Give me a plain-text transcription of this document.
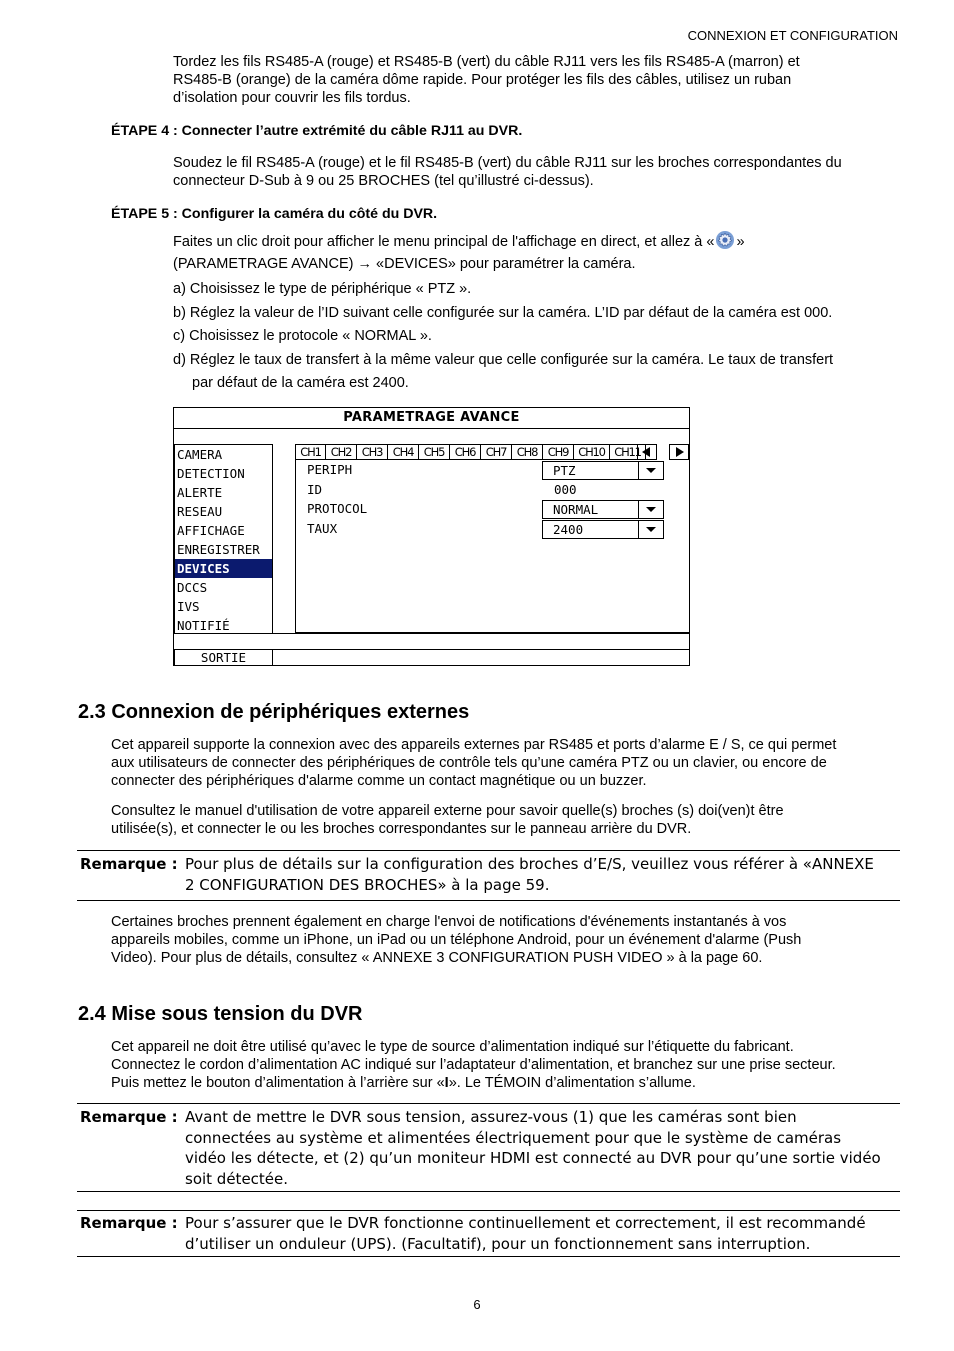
CONNEXION ET CONFIGURATION
Tordez les fils RS485-A (rouge) et RS485-B (vert) du câble RJ11 vers les fils RS485-A (marron) et
RS485-B (orange) de la caméra dôme rapide. Pour protéger les fils des câbles, utilisez un ruban
d’isolation pour couvrir les fils tordus.
ÉTAPE 4 : Connecter l’autre extrémité du câble RJ11 au DVR.
Soudez le fil RS485-A (rouge) et le fil RS485-B (vert) du câble RJ11 sur les broches correspondantes du
connecteur D-Sub à 9 ou 25 BROCHES (tel qu’illustré ci-dessus).
ÉTAPE 5 : Configurer la caméra du côté du DVR.
Faites un clic droit pour afficher le menu principal de l'affichage en direct, et allez à « »
(PARAMETRAGE AVANCE) → «DEVICES» pour paramétrer la caméra.
a) Choisissez le type de périphérique « PTZ ».
b) Réglez la valeur de l’ID suivant celle configurée sur la caméra. L’ID par défaut de la caméra est 000.
c) Choisissez le protocole « NORMAL ».
d) Réglez le taux de transfert à la même valeur que celle configurée sur la caméra. Le taux de transfert
par défaut de la caméra est 2400.
PARAMETRAGE AVANCE
CAMERA
DETECTION
ALERTE
RESEAU
AFFICHAGE
ENREGISTRER
DEVICES
DCCS
IVS
NOTIFIÉ
CH1 CH2 CH3 CH4 CH5 CH6 CH7 CH8 CH9 CH10 CH11
PERIPH	PTZ
ID	000
PROTOCOL	NORMAL
TAUX	2400
SORTIE
2.3 Connexion de périphériques externes
Cet appareil supporte la connexion avec des appareils externes par RS485 et ports d’alarme E / S, ce qui permet
aux utilisateurs de connecter des périphériques de contrôle tels qu’une caméra PTZ ou un clavier, ou encore de
connecter des périphériques d'alarme comme un contact magnétique ou un buzzer.
Consultez le manuel d'utilisation de votre appareil externe pour savoir quelle(s) broches (s) doi(ven)t être
utilisée(s), et connecter le ou les broches correspondantes sur le panneau arrière du DVR.
Remarque : Pour plus de détails sur la configuration des broches d’E/S, veuillez vous référer à «ANNEXE
2 CONFIGURATION DES BROCHES» à la page 59.
Certaines broches prennent également en charge l'envoi de notifications d'événements instantanés à vos
appareils mobiles, comme un iPhone, un iPad ou un téléphone Android, pour un événement d'alarme (Push
Video). Pour plus de détails, consultez « ANNEXE 3 CONFIGURATION PUSH VIDEO » à la page 60.
2.4 Mise sous tension du DVR
Cet appareil ne doit être utilisé qu’avec le type de source d’alimentation indiqué sur l’étiquette du fabricant.
Connectez le cordon d’alimentation AC indiqué sur l’adaptateur d’alimentation, et branchez sur une prise secteur.
Puis mettez le bouton d’alimentation à l’arrière sur «I». Le TÉMOIN d’alimentation s’allume.
Remarque : Avant de mettre le DVR sous tension, assurez-vous (1) que les caméras sont bien
connectées au système et alimentées électriquement pour que le système de caméras
vidéo les détecte, et (2) qu’un moniteur HDMI est connecté au DVR pour qu’une sortie vidéo
soit détectée.
Remarque : Pour s’assurer que le DVR fonctionne continuellement et correctement, il est recommandé
d’utiliser un onduleur (UPS). (Facultatif), pour un fonctionnement sans interruption.
6
